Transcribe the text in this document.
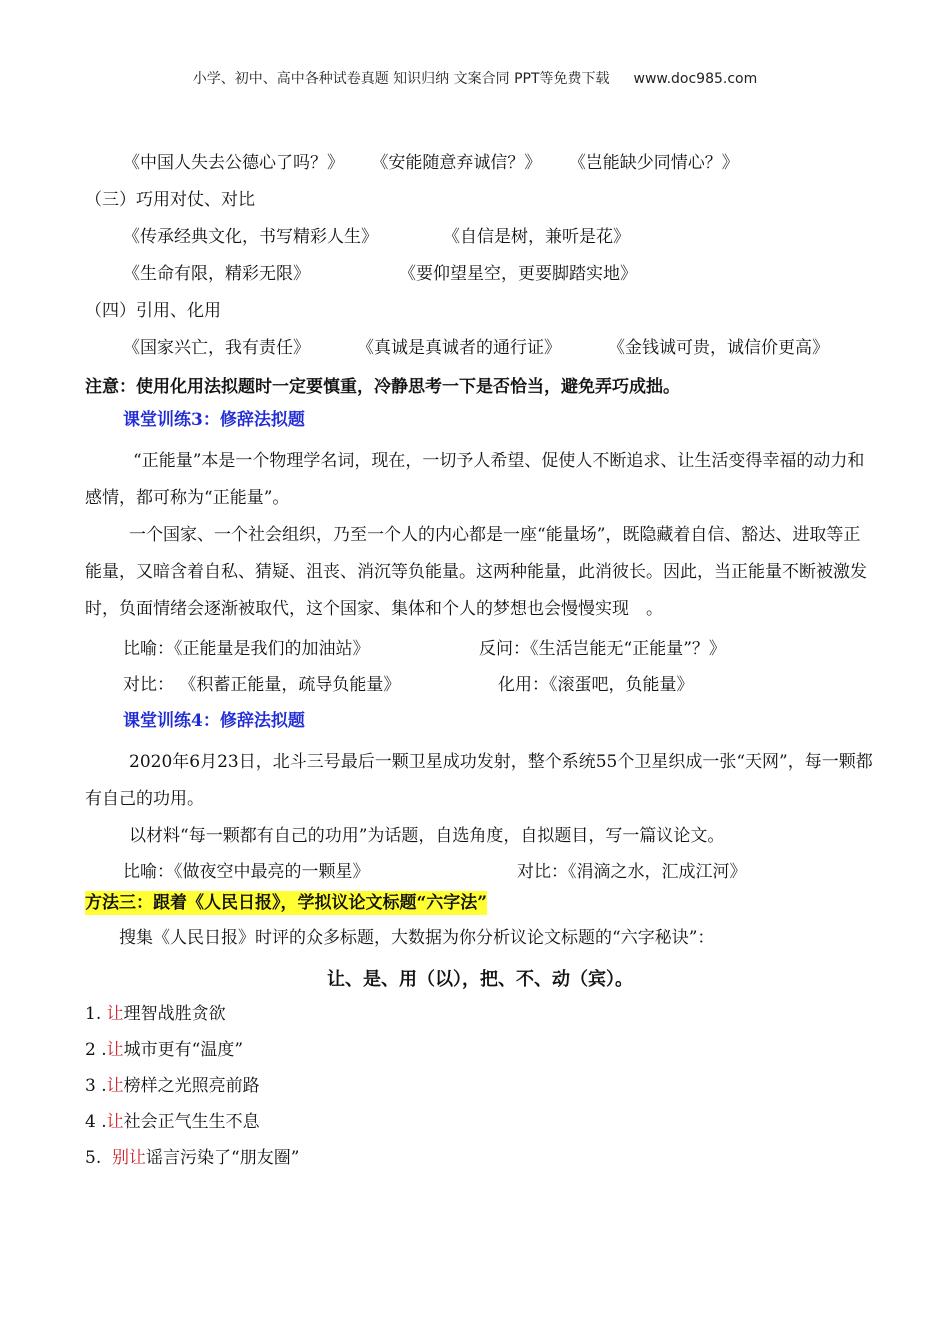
小学、初中、高中各种试卷真题 知识归纳 文案合同 PPT等免费下载 www.doc985.com
《中国人失去公德心了吗？》 《安能随意弃诚信？》 《岂能缺少同情心？》
（三）巧用对仗、对比
《传承经典文化，书写精彩人生》	《自信是树，兼听是花》
《生命有限，精彩无限》	《要仰望星空，更要脚踏实地》
（四）引用、化用
《国家兴亡，我有责任》	《真诚是真诚者的通行证》	《金钱诚可贵，诚信价更高》
注意：使用化用法拟题时一定要慎重，冷静思考一下是否恰当，避免弄巧成拙。
课堂训练3：修辞法拟题
“正能量”本是一个物理学名词，现在，一切予人希望、促使人不断追求、让生活变得幸福的动力和感情，都可称为“正能量”。
一个国家、一个社会组织，乃至一个人的内心都是一座“能量场”，既隐藏着自信、豁达、进取等正能量，又暗含着自私、猜疑、沮丧、消沉等负能量。这两种能量，此消彼长。因此，当正能量不断被激发时，负面情绪会逐渐被取代，这个国家、集体和个人的梦想也会慢慢实现　。
比喻：《正能量是我们的加油站》	反问：《生活岂能无“正能量”？》
对比： 《积蓄正能量，疏导负能量》	化用：《滚蛋吧，负能量》
课堂训练4：修辞法拟题
2020年6月23日，北斗三号最后一颗卫星成功发射，整个系统55个卫星织成一张“天网”，每一颗都有自己的功用。
以材料“每一颗都有自己的功用”为话题，自选角度，自拟题目，写一篇议论文。
比喻：《做夜空中最亮的一颗星》	对比：《涓滴之水，汇成江河》
方法三：跟着《人民日报》，学拟议论文标题“六字法”
搜集《人民日报》时评的众多标题，大数据为你分析议论文标题的“六字秘诀”：
让、是、用（以），把、不、动（宾）。
1. 让理智战胜贪欲
2 .让城市更有“温度”
3 .让榜样之光照亮前路
4 .让社会正气生生不息
5.  别让谣言污染了“朋友圈”
